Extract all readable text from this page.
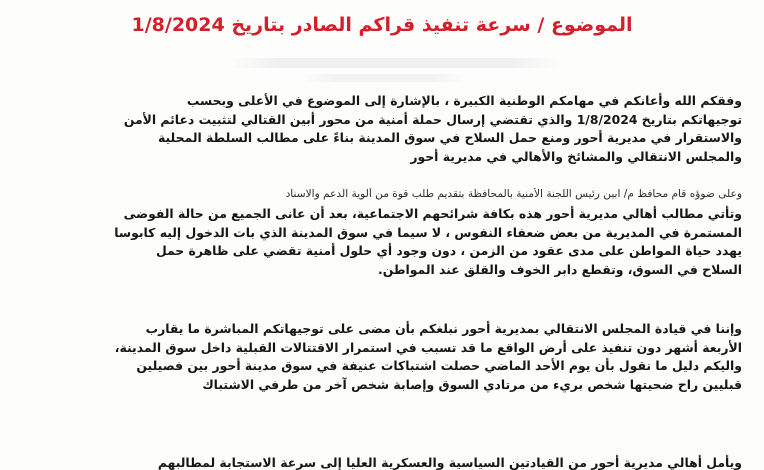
الموضوع / سرعة تنفيذ قراكم الصادر بتاريخ 1/8/2024
وفقكم الله وأعانكم في مهامكم الوطنية الكبيرة ، بالإشارة إلى الموضوع في الأعلى وبحسب
توجيهاتكم بتاريخ 1/8/2024 والذي تقتضي إرسال حملة أمنية من محور أبين القتالي لتثبيت دعائم الأمن
والاستقرار في مديرية أحور ومنع حمل السلاح في سوق المدينة بناءً على مطالب السلطة المحلية
والمجلس الانتقالي والمشائخ والأهالي في مديرية أحور
وعلى ضوؤه قام محافظ م/ ابين رئيس اللجنة الأمنية بالمحافظة بتقديم طلب قوة من ألوية الدعم والاسناد
وتأتي مطالب أهالي مديرية أحور هذه بكافة شرائحهم الاجتماعية، بعد أن عانى الجميع من حالة الفوضى
المستمرة في المديرية من بعض ضعفاء النفوس ، لا سيما في سوق المدينة الذي بات الدخول إليه كابوسا
يهدد حياة المواطن على مدى عقود من الزمن ، دون وجود أي حلول أمنية تقضي على ظاهرة حمل
السلاح في السوق، وتقطع دابر الخوف والقلق عند المواطن.
وإننا في قيادة المجلس الانتقالي بمديرية أحور نبلغكم بأن مضى على توجيهاتكم المباشرة ما يقارب
الأربعة أشهر دون تنفيذ على أرض الواقع ما قد تسبب في استمرار الاقتتالات القبلية داخل سوق المدينة،
واليكم دليل ما نقول بأن يوم الأحد الماضي حصلت اشتباكات عنيفة في سوق مدينة أحور بين فصيلين
قبليين راح ضحيتها شخص بريء من مرتادي السوق وإصابة شخص آخر من طرفي الاشتباك
ويأمل أهالي مديرية أحور من القيادتين السياسية والعسكرية العليا إلى سرعة الاستجابة لمطالبهم
